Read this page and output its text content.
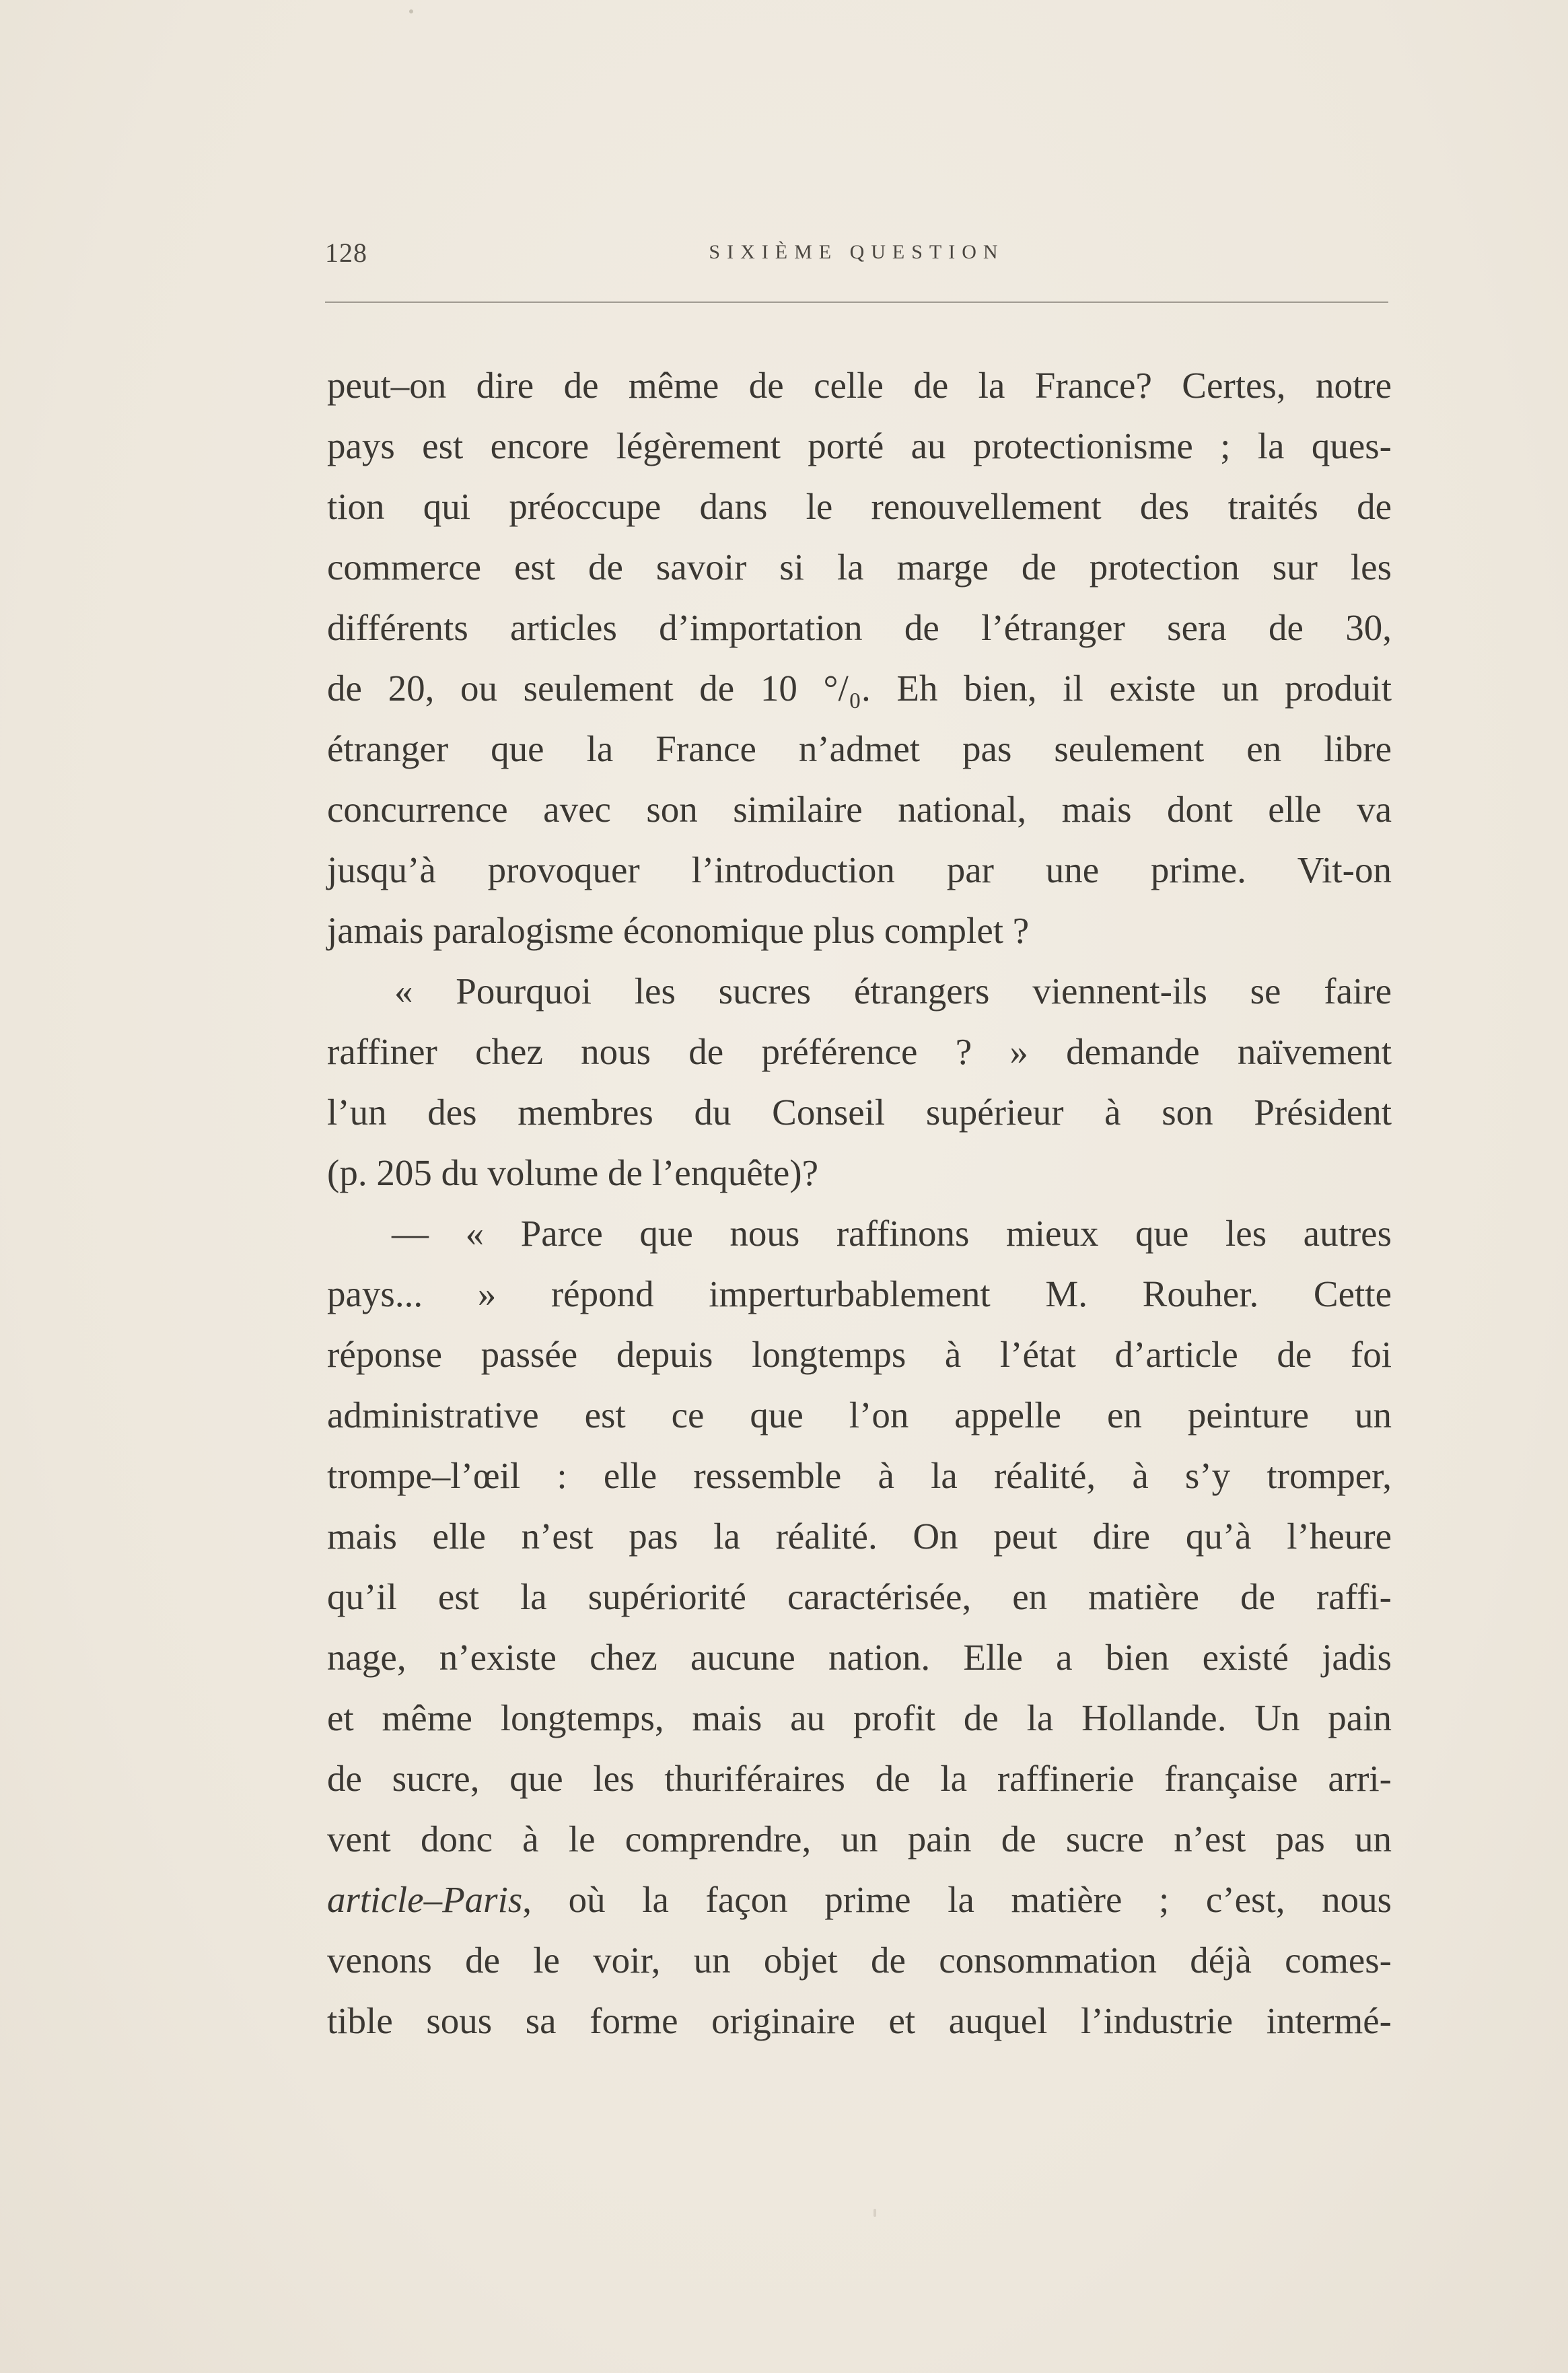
128	SIXIÈME QUESTION
peut–on dire de même de celle de la France? Certes, notre
pays est encore légèrement porté au protectionisme ; la ques-
tion qui préoccupe dans le renouvellement des traités de
commerce est de savoir si la marge de protection sur les
différents articles d’importation de l’étranger sera de 30,
de 20, ou seulement de 10 °/₀. Eh bien, il existe un produit
étranger que la France n’admet pas seulement en libre
concurrence avec son similaire national, mais dont elle va
jusqu’à provoquer l’introduction par une prime. Vit-on
jamais paralogisme économique plus complet ?
« Pourquoi les sucres étrangers viennent-ils se faire
raffiner chez nous de préférence ? » demande naïvement
l’un des membres du Conseil supérieur à son Président
(p. 205 du volume de l’enquête)?
— « Parce que nous raffinons mieux que les autres
pays... » répond imperturbablement M. Rouher. Cette
réponse passée depuis longtemps à l’état d’article de foi
administrative est ce que l’on appelle en peinture un
trompe–l’œil : elle ressemble à la réalité, à s’y tromper,
mais elle n’est pas la réalité. On peut dire qu’à l’heure
qu’il est la supériorité caractérisée, en matière de raffi-
nage, n’existe chez aucune nation. Elle a bien existé jadis
et même longtemps, mais au profit de la Hollande. Un pain
de sucre, que les thuriféraires de la raffinerie française arri-
vent donc à le comprendre, un pain de sucre n’est pas un
article–Paris, où la façon prime la matière ; c’est, nous
venons de le voir, un objet de consommation déjà comes-
tible sous sa forme originaire et auquel l’industrie intermé-
